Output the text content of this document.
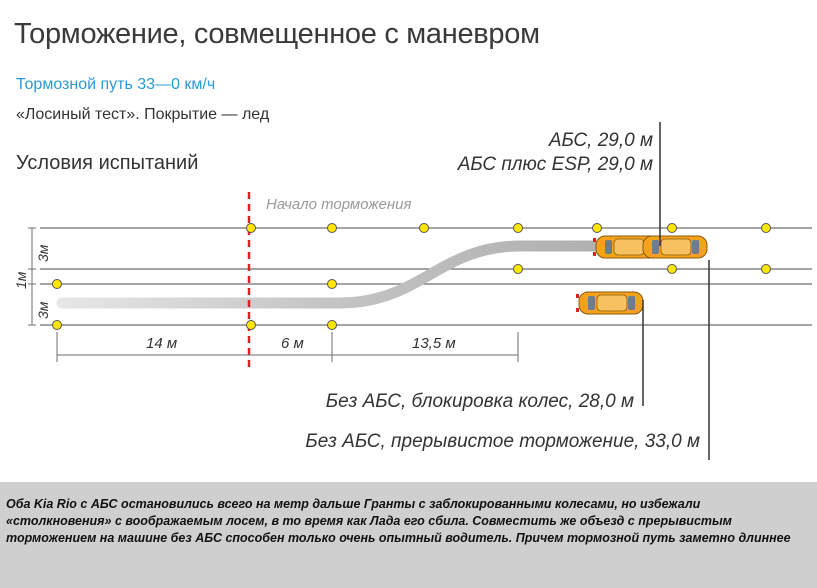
Торможение, совмещенное с маневром
Тормозной путь 33—0 км/ч
«Лосиный тест». Покрытие — лед
Условия испытаний
3м
1м
3м
Начало торможения
14 м	6 м	13,5 м
АБС, 29,0 м
АБС плюс ESP, 29,0 м
Без АБС, блокировка колес, 28,0 м
Без АБС, прерывистое торможение, 33,0 м
Оба Kia Rio с АБС остановились всего на метр дальше Гранты с заблокированными колесами, но избежали «столкновения» с воображаемым лосем, в то время как Лада его сбила. Совместить же объезд с прерывистым торможением на машине без АБС способен только очень опытный водитель. Причем тормозной путь заметно длиннее
